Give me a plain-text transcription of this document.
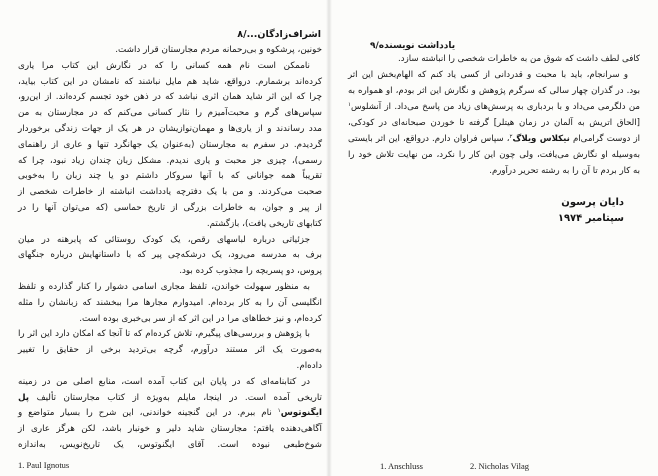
اشراف‌زادگان.../۸
خونین، پرشکوه و بی‌رحمانه مردم مجارستان قرار داشت.
ناممکن است نام همه کسانی را که در نگارش این کتاب مرا یاری
کرده‌اند برشمارم. درواقع، شاید هم مایل نباشند که نامشان در این کتاب بیاید،
چرا که این اثر شاید همان اثری نباشد که در ذهن خود تجسم کرده‌اند. از این‌رو،
سپاس‌های گرم و محبت‌آمیزم را نثار کسانی می‌کنم که در مجارستان به من
مدد رساندند و از یاری‌ها و مهمان‌نوازیشان در هر یک از جهات زندگی برخوردار
گردیدم. در سفرم به مجارستان (به‌عنوان یک جهانگرد تنها و عاری از راهنمای
رسمی)، چیزی جز محبت و یاری ندیدم. مشکل زبان چندان زیاد نبود، چرا که
تقریباً همه جوانانی که با آنها سروکار داشتم دو یا چند زبان را به‌خوبی
صحبت می‌کردند. و من با یک دفترچه یادداشت انباشته از خاطرات شخصی از
از پیر و جوان، به خاطرات بزرگی از تاریخ حماسی (که می‌توان آنها را در
کتابهای تاریخی یافت)، بازگشتم.
جزئیاتی درباره لباسهای رقص، یک کودک روستائی که پابرهنه در میان
برف به مدرسه می‌رود، یک درشکه‌چی پیر که با داستانهایش درباره جنگهای
پروس، دو پسربچه را مجذوب کرده بود.
به منظور سهولت خواندن، تلفظ مجاری اسامی دشوار را کنار گذارده و تلفظ
انگلیسی آن را به کار برده‌ام. امیدوارم مجارها مرا ببخشند که زبانشان را مثله
کرده‌ام، و نیز خطاهای مرا در این اثر که از سر بی‌خبری بوده است.
با پژوهش و بررسی‌های پیگیرم، تلاش کرده‌ام که تا آنجا که امکان دارد این اثر را
به‌صورت یک اثر مستند درآورم، گرچه بی‌تردید برخی از حقایق را تغییر
داده‌ام.
در کتابنامه‌ای که در پایان این کتاب آمده است، منابع اصلی من در زمینه
تاریخی آمده است. در اینجا، مایلم به‌ویژه از کتاب مجارستان تألیف پل
ایگنوتوس$^۱$ نام ببرم. در این گنجینه خواندنی، این شرح را بسیار متواضع و
آگاهی‌دهنده یافتم: مجارستان شاید دلیر و خونبار باشد، لکن هرگز عاری از
شوخ‌طبعی نبوده است. آقای ایگنوتوس، یک تاریخ‌نویس، به‌اندازه
1. Paul Ignotus
یادداشت نویسنده/۹
کافی لطف داشت که شوق من به خاطرات شخصی را انباشته سازد.
و سرانجام، باید با محبت و قدردانی از کسی یاد کنم که الهام‌بخش این اثر
بود. در گذران چهار سالی که سرگرم پژوهش و نگارش این اثر بودم، او همواره به
من دلگرمی می‌داد و با بردباری به پرسش‌های زیاد من پاسخ می‌داد. از آنشلوس$^۱$
[الحاق اتریش به آلمان در زمان هیتلر] گرفته تا خوردن صبحانه‌ای در کودکی،
از دوست گرامی‌ام نیکلاس ویلاگ$^۲$، سپاس فراوان دارم. درواقع، این اثر بایستی
به‌وسیله او نگارش می‌یافت، ولی چون این کار را نکرد، من نهایت تلاش خود را
به کار بردم تا آن را به رشته تحریر درآورم.
دایان پرسون
سپتامبر ۱۹۷۴
1. Anschluss	2. Nicholas Vilag
